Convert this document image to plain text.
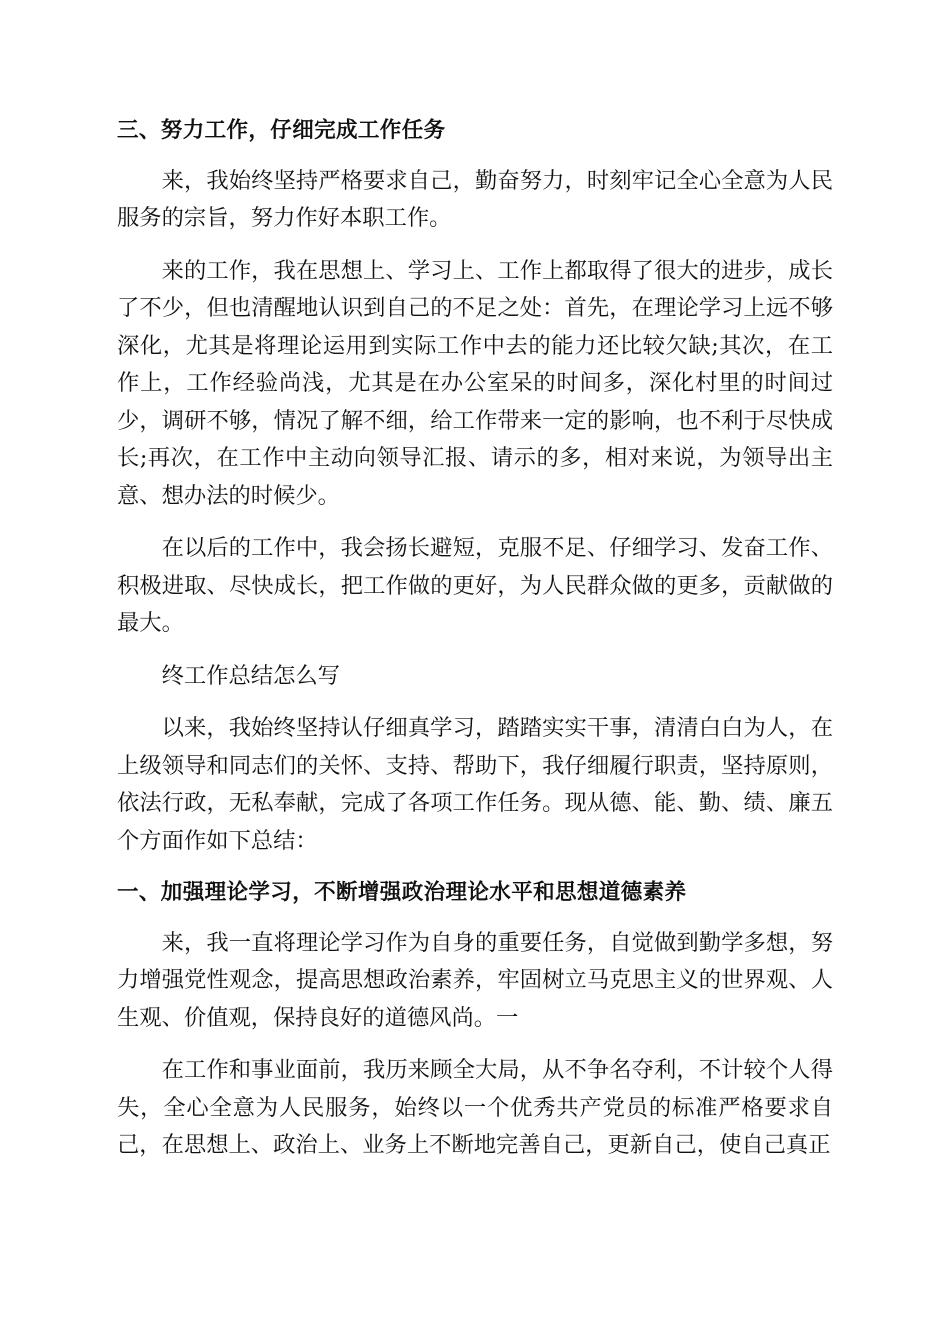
三、努力工作，仔细完成工作任务

来，我始终坚持严格要求自己，勤奋努力，时刻牢记全心全意为人民服务的宗旨，努力作好本职工作。

来的工作，我在思想上、学习上、工作上都取得了很大的进步，成长了不少，但也清醒地认识到自己的不足之处：首先，在理论学习上远不够深化，尤其是将理论运用到实际工作中去的能力还比较欠缺;其次，在工作上，工作经验尚浅，尤其是在办公室呆的时间多，深化村里的时间过少，调研不够，情况了解不细，给工作带来一定的影响，也不利于尽快成长;再次，在工作中主动向领导汇报、请示的多，相对来说，为领导出主意、想办法的时候少。

在以后的工作中，我会扬长避短，克服不足、仔细学习、发奋工作、积极进取、尽快成长，把工作做的更好，为人民群众做的更多，贡献做的最大。

终工作总结怎么写

以来，我始终坚持认仔细真学习，踏踏实实干事，清清白白为人，在上级领导和同志们的关怀、支持、帮助下，我仔细履行职责，坚持原则，依法行政，无私奉献，完成了各项工作任务。现从德、能、勤、绩、廉五个方面作如下总结：

一、加强理论学习，不断增强政治理论水平和思想道德素养

来，我一直将理论学习作为自身的重要任务，自觉做到勤学多想，努力增强党性观念，提高思想政治素养，牢固树立马克思主义的世界观、人生观、价值观，保持良好的道德风尚。一

在工作和事业面前，我历来顾全大局，从不争名夺利，不计较个人得失，全心全意为人民服务，始终以一个优秀共产党员的标准严格要求自己，在思想上、政治上、业务上不断地完善自己，更新自己，使自己真正
